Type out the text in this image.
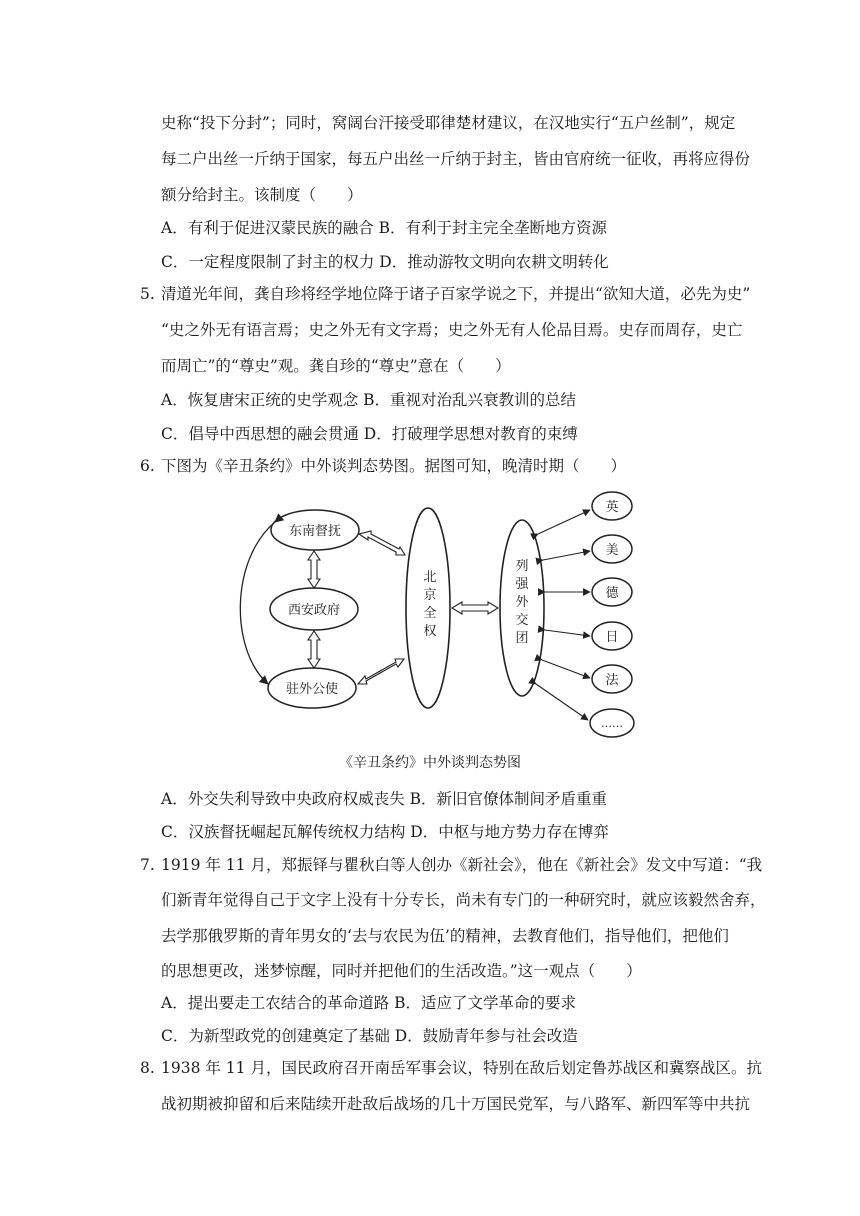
史称“投下分封”；同时，窝阔台汗接受耶律楚材建议，在汉地实行“五户丝制”，规定
每二户出丝一斤纳于国家，每五户出丝一斤纳于封主，皆由官府统一征收，再将应得份
额分给封主。该制度（　　）
A．有利于促进汉蒙民族的融合 B．有利于封主完全垄断地方资源
C．一定程度限制了封主的权力 D．推动游牧文明向农耕文明转化
5. 清道光年间，龚自珍将经学地位降于诸子百家学说之下，并提出“欲知大道，必先为史”
“史之外无有语言焉；史之外无有文字焉；史之外无有人伦品目焉。史存而周存，史亡
而周亡”的“尊史”观。龚自珍的“尊史”意在（　　）
A．恢复唐宋正统的史学观念 B．重视对治乱兴衰教训的总结
C．倡导中西思想的融会贯通 D．打破理学思想对教育的束缚
6. 下图为《辛丑条约》中外谈判态势图。据图可知，晚清时期（　　）
东南督抚
西安政府
驻外公使
北京全权
列强外交团
英
美
德
日
法
……
《辛丑条约》中外谈判态势图
A．外交失利导致中央政府权威丧失 B．新旧官僚体制间矛盾重重
C．汉族督抚崛起瓦解传统权力结构 D．中枢与地方势力存在博弈
7. 1919 年 11 月，郑振铎与瞿秋白等人创办《新社会》，他在《新社会》发文中写道：“我
们新青年觉得自己于文字上没有十分专长，尚未有专门的一种研究时，就应该毅然舍弃，
去学那俄罗斯的青年男女的‘去与农民为伍’的精神，去教育他们，指导他们，把他们
的思想更改，迷梦惊醒，同时并把他们的生活改造。”这一观点（　　）
A．提出要走工农结合的革命道路 B．适应了文学革命的要求
C．为新型政党的创建奠定了基础 D．鼓励青年参与社会改造
8. 1938 年 11 月，国民政府召开南岳军事会议，特别在敌后划定鲁苏战区和冀察战区。抗
战初期被抑留和后来陆续开赴敌后战场的几十万国民党军，与八路军、新四军等中共抗
